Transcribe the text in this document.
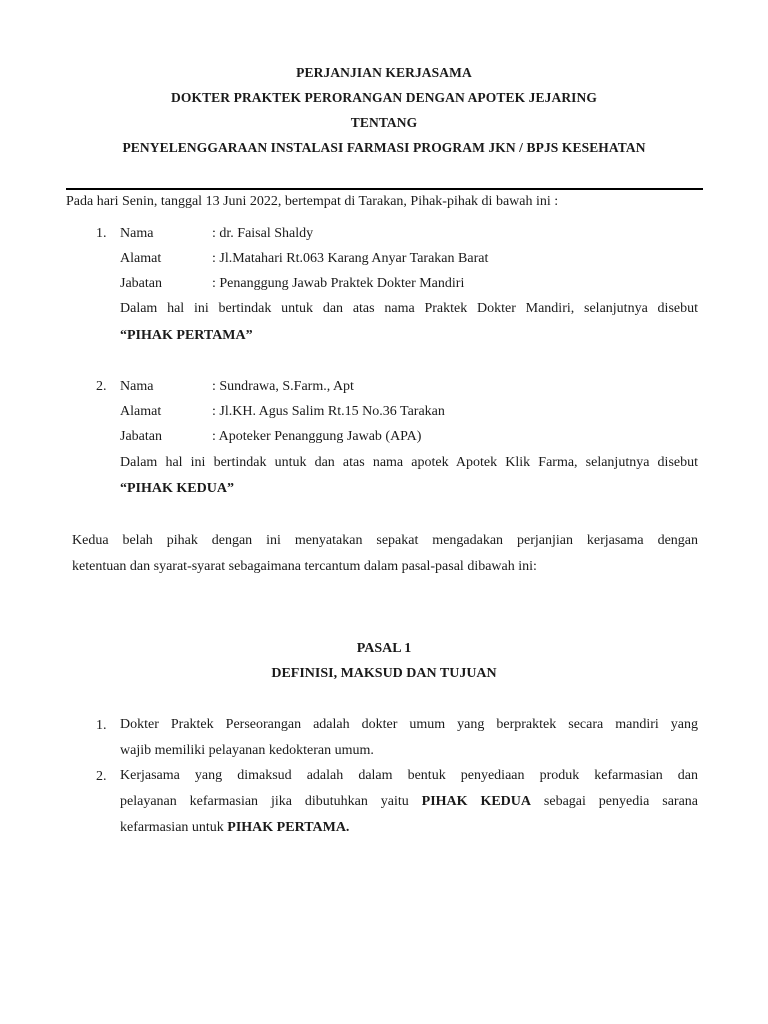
PERJANJIAN KERJASAMA
DOKTER PRAKTEK PERORANGAN DENGAN APOTEK JEJARING
TENTANG
PENYELENGGARAAN INSTALASI FARMASI PROGRAM JKN / BPJS KESEHATAN
Pada hari Senin, tanggal 13 Juni 2022, bertempat di Tarakan, Pihak-pihak di bawah ini :
1. Nama	: dr. Faisal Shaldy
Alamat	: Jl.Matahari Rt.063 Karang Anyar Tarakan Barat
Jabatan	: Penanggung Jawab Praktek Dokter Mandiri
Dalam hal ini bertindak untuk dan atas nama Praktek Dokter Mandiri, selanjutnya disebut
“PIHAK PERTAMA”
2. Nama	: Sundrawa, S.Farm., Apt
Alamat	: Jl.KH. Agus Salim Rt.15 No.36 Tarakan
Jabatan	: Apoteker Penanggung Jawab (APA)
Dalam hal ini bertindak untuk dan atas nama apotek Apotek Klik Farma, selanjutnya disebut
“PIHAK KEDUA”
Kedua belah pihak dengan ini menyatakan sepakat mengadakan perjanjian kerjasama dengan
ketentuan dan syarat-syarat sebagaimana tercantum dalam pasal-pasal dibawah ini:
PASAL 1
DEFINISI, MAKSUD DAN TUJUAN
1. Dokter Praktek Perseorangan adalah dokter umum yang berpraktek secara mandiri yang
wajib memiliki pelayanan kedokteran umum.
2. Kerjasama yang dimaksud adalah dalam bentuk penyediaan produk kefarmasian dan
pelayanan kefarmasian jika dibutuhkan yaitu PIHAK KEDUA sebagai penyedia sarana
kefarmasian untuk PIHAK PERTAMA.
